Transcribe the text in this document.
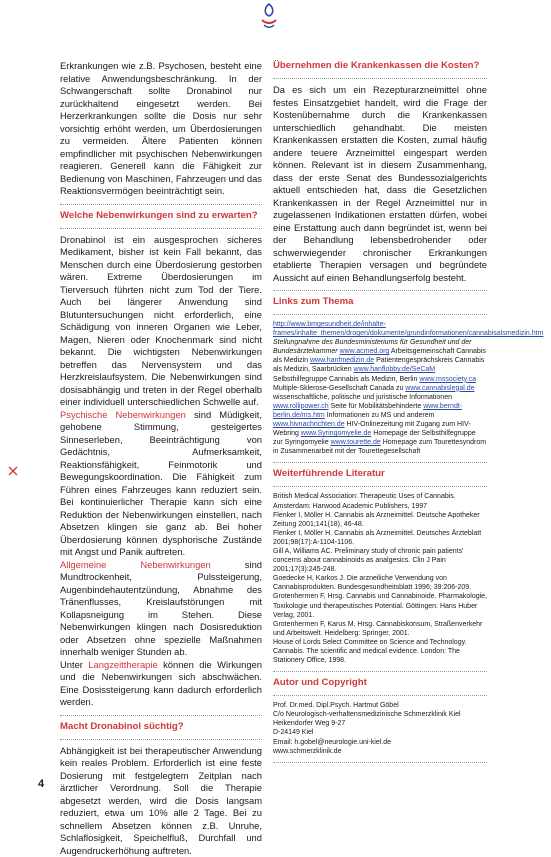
Erkrankungen wie z.B. Psychosen, besteht eine relative Anwendungsbeschränkung. In der Schwangerschaft sollte Dronabinol nur zurückhaltend eingesetzt werden. Bei Herzerkrankungen sollte die Dosis nur sehr vorsichtig erhöht werden, um Überdosierungen zu vermeiden. Ältere Patienten können empfindlicher mit psychischen Nebenwirkungen reagieren. Generell kann die Fähigkeit zur Bedienung von Maschinen, Fahrzeugen und das Reaktionsvermögen beeinträchtigt sein.

Welche Nebenwirkungen sind zu erwarten?

Dronabinol ist ein ausgesprochen sicheres Medikament, bisher ist kein Fall bekannt, das Menschen durch eine Überdosierung gestorben wären. Extreme Überdosierungen im Tierversuch führten nicht zum Tod der Tiere. Auch bei längerer Anwendung sind Blutuntersuchungen nicht erforderlich, eine Schädigung von inneren Organen wie Leber, Magen, Nieren oder Knochenmark sind nicht bekannt. Die wichtigsten Nebenwirkungen betreffen das Nervensystem und das Herzkreislaufsystem. Die Nebenwirkungen sind dosisabhängig und treten in der Regel oberhalb einer individuell unterschiedlichen Schwelle auf.

Psychische Nebenwirkungen sind Müdigkeit, gehobene Stimmung, gesteigertes Sinneserleben, Beeinträchtigung von Gedächtnis, Aufmerksamkeit, Reaktionsfähigkeit, Feinmotorik und Bewegungskoordination. Die Fähigkeit zum Führen eines Fahrzeuges kann reduziert sein. Bei kontinuierlicher Therapie kann sich eine Reduktion der Nebenwirkungen einstellen, nach Absetzen klingen sie ganz ab. Bei hoher Überdosierung können dysphorische Zustände mit Angst und Panik auftreten.

Allgemeine Nebenwirkungen sind Mundtrockenheit, Pulssteigerung, Augenbindehautentzündung, Abnahme des Tränenflusses, Kreislaufstörungen mit Kollapsneigung im Stehen. Diese Nebenwirkungen klingen nach Dosisreduktion oder Absetzen ohne spezielle Maßnahmen innerhalb weniger Stunden ab.

Unter Langzeittherapie können die Wirkungen und die Nebenwirkungen sich abschwächen. Eine Dosissteigerung kann dadurch erforderlich werden.

Macht Dronabinol süchtig?

Abhängigkeit ist bei therapeutischer Anwendung kein reales Problem. Erforderlich ist eine feste Dosierung mit festgelegtem Zeitplan nach ärztlicher Verordnung. Soll die Therapie abgesetzt werden, wird die Dosis langsam reduziert, etwa um 10% alle 2 Tage. Bei zu schnellem Absetzen können z.B. Unruhe, Schlaflosigkeit, Speichelfluß, Durchfall und Augendruckerhöhung auftreten.

Übernehmen die Krankenkassen die Kosten?

Da es sich um ein Rezepturarzneimittel ohne festes Einsatzgebiet handelt, wird die Frage der Kostenübernahme durch die Krankenkassen unterschiedlich gehandhabt. Die meisten Krankenkassen erstatten die Kosten, zumal häufig andere teuere Arzneimittel eingespart werden können. Relevant ist in diesem Zusammenhang, dass der erste Senat des Bundessozialgerichts aktuell entschieden hat, dass die Gesetzlichen Krankenkassen in der Regel Arzneimittel nur in zugelassenen Indikationen erstatten dürfen, wobei eine Erstattung auch dann begründet ist, wenn bei der Behandlung lebensbedrohender oder schwerwiegender chronischer Erkrankungen etablierte Therapien versagen und begründete Aussicht auf einen Behandlungserfolg besteht.

Links zum Thema

http://www.bmgesundheit.de/inhalte-frames/inhalte_themen/drogen/dokumente/grundinformationen/cannabisalsmedizin.htm Stellungnahme des Bundesministeriums für Gesundheit und der Bundesärztekammer www.acmed.org Arbeitsgemeinschaft Cannabis als Medizin www.hanfmedizin.de Patientengesprächskreis Cannabis als Medizin, Saarbrücken www.hanflobby.de/SeCaM Selbsthilfegruppe Cannabis als Medizin, Berlin www.mssociety.ca Multiple-Sklerose-Gesellschaft Canada zu www.cannabislegal.de wissenschaftliche, politische und juristische Informationen www.rollipower.ch Seite für Mobilitätsbehinderte www.berndt-berlin.de/ms.htm Informationen zu MS und anderem www.hivnachrichten.de HIV-Onlinezeitung mit Zugang zum HIV-Webring www.Syringomyelie.de Homepage der Selbsthilfegruppe zur Syringomyelie www.tourette.de Homepage zum Tourettesyndrom in Zusammenarbeit mit der Tourettegesellschaft

Weiterführende Literatur

British Medical Association: Therapeutic Uses of Cannabis. Amsterdam: Harwood Academic Publishers, 1997

Flenker I, Möller H. Cannabis als Arzneimittel. Deutsche Apotheker Zeitung 2001;141(18), 46-48.

Flenker I, Möller H. Cannabis als Arzneimittel. Deutsches Ärzteblatt 2001;98(17):A-1104-1106.

Gill A, Williams AC. Preliminary study of chronic pain patients' concerns about cannabinoids as analgesics. Clin J Pain 2001;17(3):245-248.

Goedecke H, Karkos J. Die arzneiliche Verwendung von Cannabisprodukten. Bundesgesundheitsblatt 1996; 39:206-209.

Grotenhermen F, Hrsg. Cannabis und Cannabinoide. Pharmakologie, Toxikologie und therapeutisches Potential. Göttingen: Hans Huber Verlag, 2001.

Grotenhermen F, Karus M, Hrsg. Cannabiskonsum, Straßenverkehr und Arbeitswelt. Heidelberg: Springer, 2001.

House of Lords Select Committee on Science and Technology. Cannabis. The scientific and medical evidence. London: The Stationery Office, 1998.

Autor und Copyright

Prof. Dr.med. Dipl.Psych. Hartmut Göbel

C/o Neurologisch-verhaltensmedizinische Schmerzklinik Kiel

Heikendorfer Weg 9-27

D-24149 Kiel

Email: h.gobel@neurologie.uni-kiel.de

www.schmerzklinik.de

4
